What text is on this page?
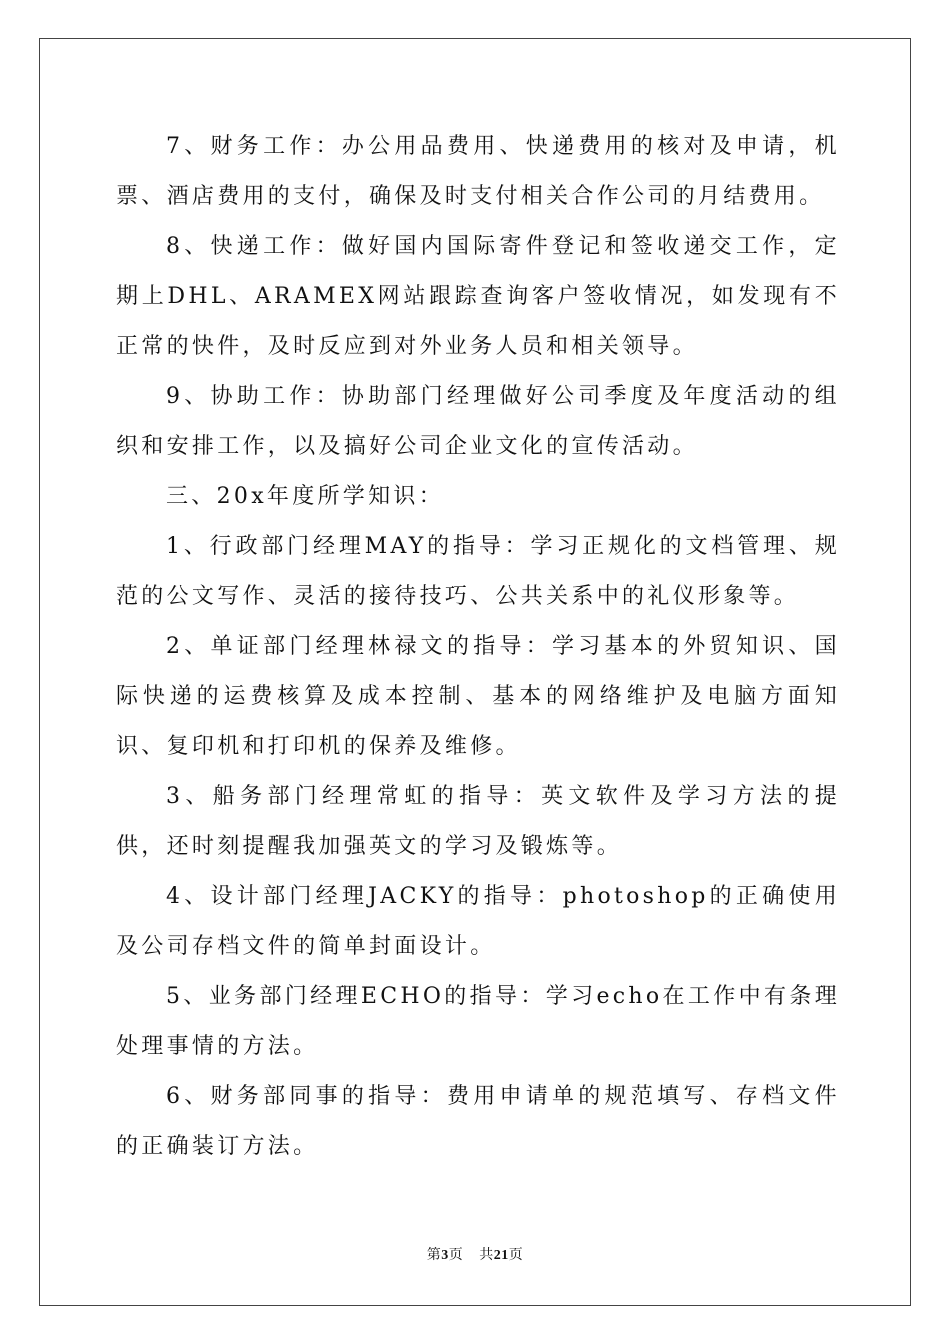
7、财务工作：办公用品费用、快递费用的核对及申请，机票、酒店费用的支付，确保及时支付相关合作公司的月结费用。

8、快递工作：做好国内国际寄件登记和签收递交工作，定期上DHL、ARAMEX网站跟踪查询客户签收情况，如发现有不正常的快件，及时反应到对外业务人员和相关领导。

9、协助工作：协助部门经理做好公司季度及年度活动的组织和安排工作，以及搞好公司企业文化的宣传活动。

三、20x年度所学知识：

1、行政部门经理MAY的指导：学习正规化的文档管理、规范的公文写作、灵活的接待技巧、公共关系中的礼仪形象等。

2、单证部门经理林禄文的指导：学习基本的外贸知识、国际快递的运费核算及成本控制、基本的网络维护及电脑方面知识、复印机和打印机的保养及维修。

3、船务部门经理常虹的指导：英文软件及学习方法的提供，还时刻提醒我加强英文的学习及锻炼等。

4、设计部门经理JACKY的指导：photoshop的正确使用及公司存档文件的简单封面设计。

5、业务部门经理ECHO的指导：学习echo在工作中有条理处理事情的方法。

6、财务部同事的指导：费用申请单的规范填写、存档文件的正确装订方法。

第3页 共21页
